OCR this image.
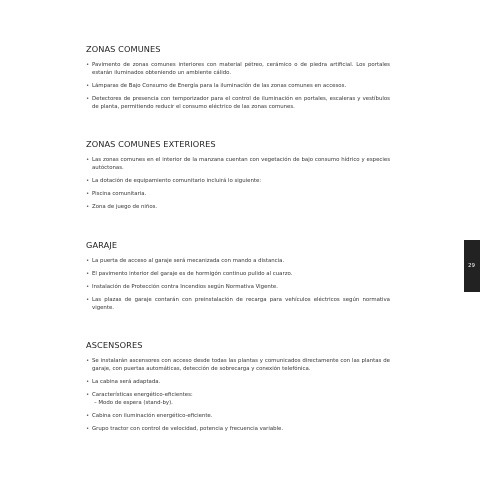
ZONAS COMUNES
• Pavimento de zonas comunes interiores con material pétreo, cerámico o de piedra artificial. Los portales estarán iluminados obteniendo un ambiente cálido.
• Lámparas de Bajo Consumo de Energía para la iluminación de las zonas comunes en accesos.
• Detectores de presencia con temporizador para el control de iluminación en portales, escaleras y vestíbulos de planta, permitiendo reducir el consumo eléctrico de las zonas comunes.
ZONAS COMUNES EXTERIORES
• Las zonas comunes en el interior de la manzana cuentan con vegetación de bajo consumo hídrico y especies autóctonas.
• La dotación de equipamiento comunitario incluirá lo siguiente:
• Piscina comunitaria.
• Zona de juego de niños.
GARAJE
• La puerta de acceso al garaje será mecanizada con mando a distancia.
• El pavimento interior del garaje es de hormigón continuo pulido al cuarzo.
• Instalación de Protección contra Incendios según Normativa Vigente.
• Las plazas de garaje contarán con preinstalación de recarga para vehículos eléctricos según normativa vigente.
ASCENSORES
• Se instalarán ascensores con acceso desde todas las plantas y comunicados directamente con las plantas de garaje, con puertas automáticas, detección de sobrecarga y conexión telefónica.
• La cabina será adaptada.
• Características energético-eficientes:
– Modo de espera (stand-by).
• Cabina con iluminación energético-eficiente.
• Grupo tractor con control de velocidad, potencia y frecuencia variable.
29
